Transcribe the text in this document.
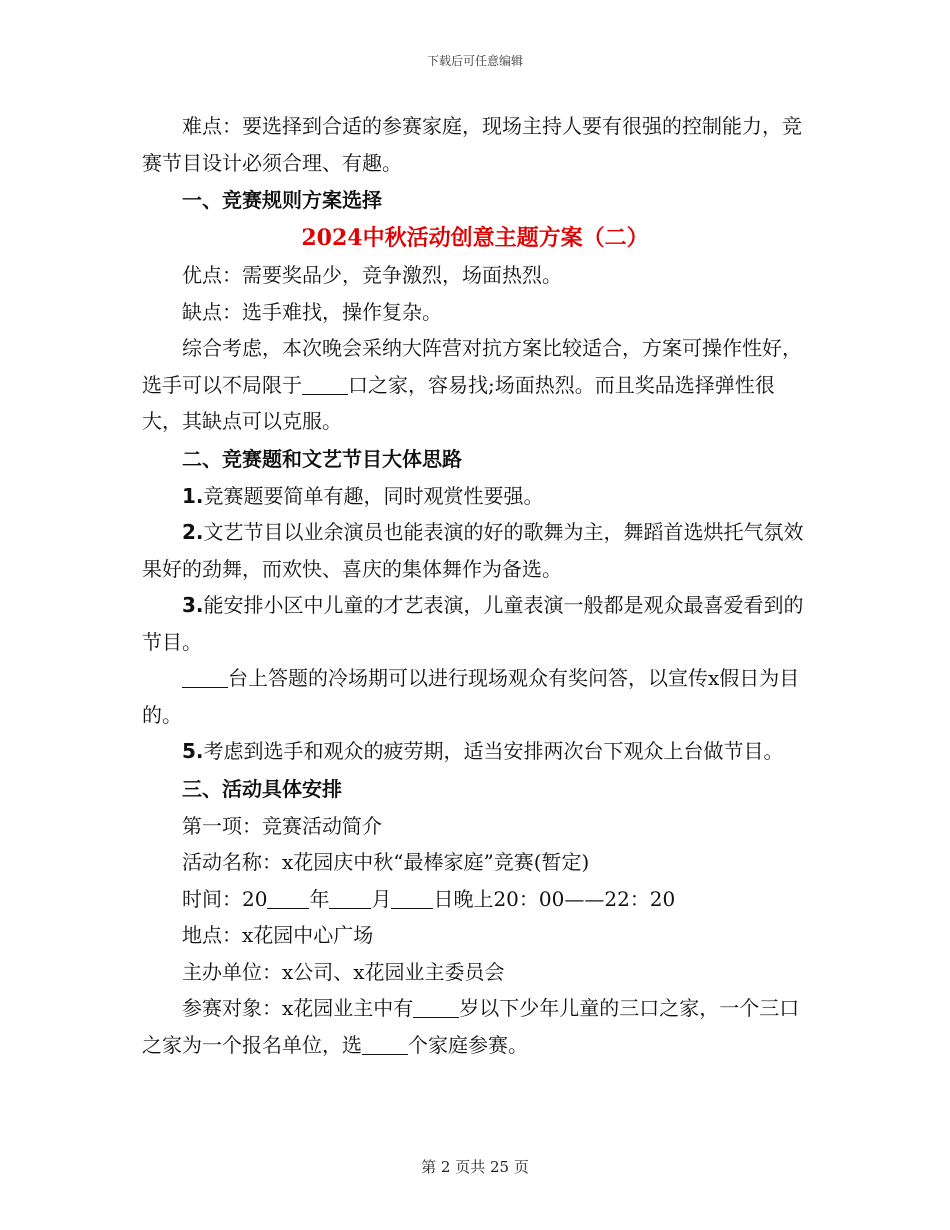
下载后可任意编辑

难点：要选择到合适的参赛家庭，现场主持人要有很强的控制能力，竞赛节目设计必须合理、有趣。

一、竞赛规则方案选择

2024中秋活动创意主题方案（二）

优点：需要奖品少，竞争激烈，场面热烈。

缺点：选手难找，操作复杂。

综合考虑，本次晚会采纳大阵营对抗方案比较适合，方案可操作性好，选手可以不局限于 口之家，容易找;场面热烈。而且奖品选择弹性很大，其缺点可以克服。

二、竞赛题和文艺节目大体思路

1.竞赛题要简单有趣，同时观赏性要强。

2.文艺节目以业余演员也能表演的好的歌舞为主，舞蹈首选烘托气氛效果好的劲舞，而欢快、喜庆的集体舞作为备选。

3.能安排小区中儿童的才艺表演，儿童表演一般都是观众最喜爱看到的节目。

台上答题的冷场期可以进行现场观众有奖问答，以宣传x假日为目的。

5.考虑到选手和观众的疲劳期，适当安排两次台下观众上台做节目。

三、活动具体安排

第一项：竞赛活动简介

活动名称：x花园庆中秋“最棒家庭”竞赛(暂定)

时间：20 年 月 日晚上20：00——22：20

地点：x花园中心广场

主办单位：x公司、x花园业主委员会

参赛对象：x花园业主中有 岁以下少年儿童的三口之家，一个三口之家为一个报名单位，选 个家庭参赛。

第 2 页共 25 页
